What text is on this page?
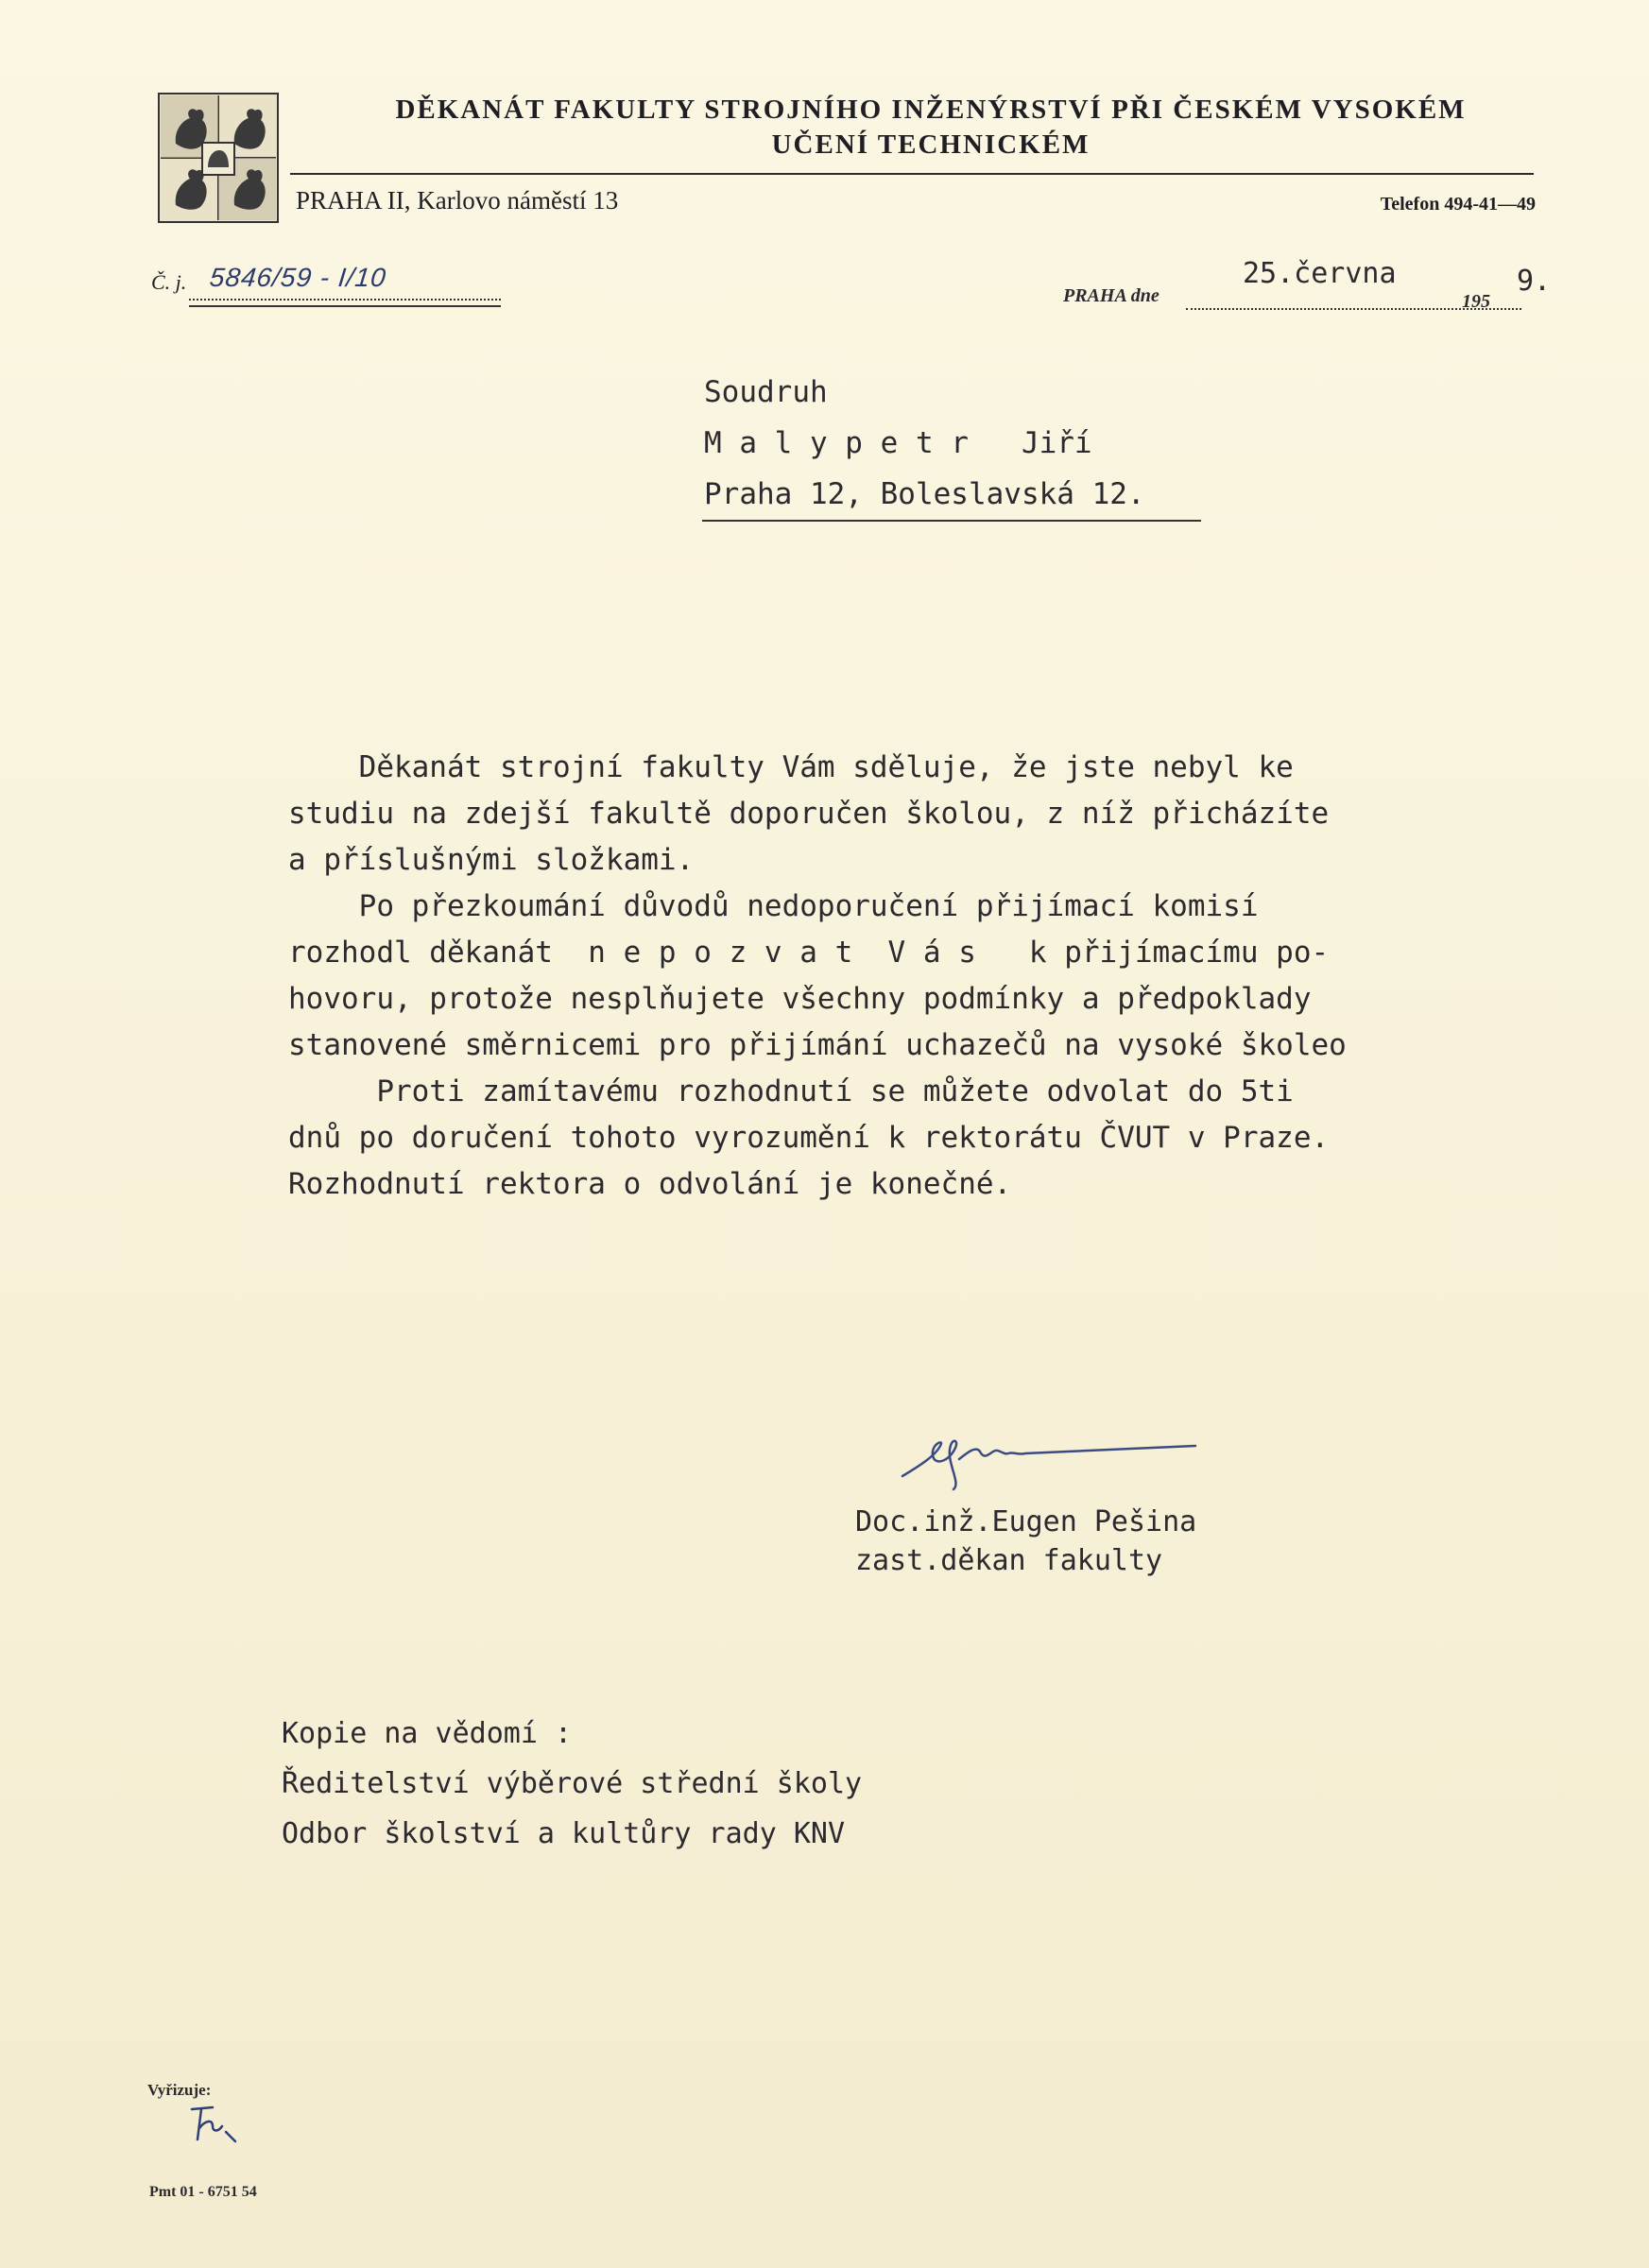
DĚKANÁT FAKULTY STROJNÍHO INŽENÝRSTVÍ PŘI ČESKÉM VYSOKÉM
UČENÍ TECHNICKÉM
PRAHA II, Karlovo náměstí 13	Telefon 494-41—49
Č. j. 5846/59 - I/10
PRAHA dne
25.června
195
9.
Soudruh
M a l y p e t r   Jiří
Praha 12, Boleslavská 12.
Děkanát strojní fakulty Vám sděluje, že jste nebyl ke
studiu na zdejší fakultě doporučen školou, z níž přicházíte
a příslušnými složkami.
Po přezkoumání důvodů nedoporučení přijímací komisí
rozhodl děkanát  n e p o z v a t  V á s   k přijímacímu po-
hovoru, protože nesplňujete všechny podmínky a předpoklady
stanovené směrnicemi pro přijímání uchazečů na vysoké školeo
Proti zamítavému rozhodnutí se můžete odvolat do 5ti
dnů po doručení tohoto vyrozumění k rektorátu ČVUT v Praze.
Rozhodnutí rektora o odvolání je konečné.
Doc.inž.Eugen Pešina
zast.děkan fakulty
Kopie na vědomí :
Ředitelství výběrové střední školy
Odbor školství a kultůry rady KNV
Vyřizuje:
Pmt 01 - 6751 54
